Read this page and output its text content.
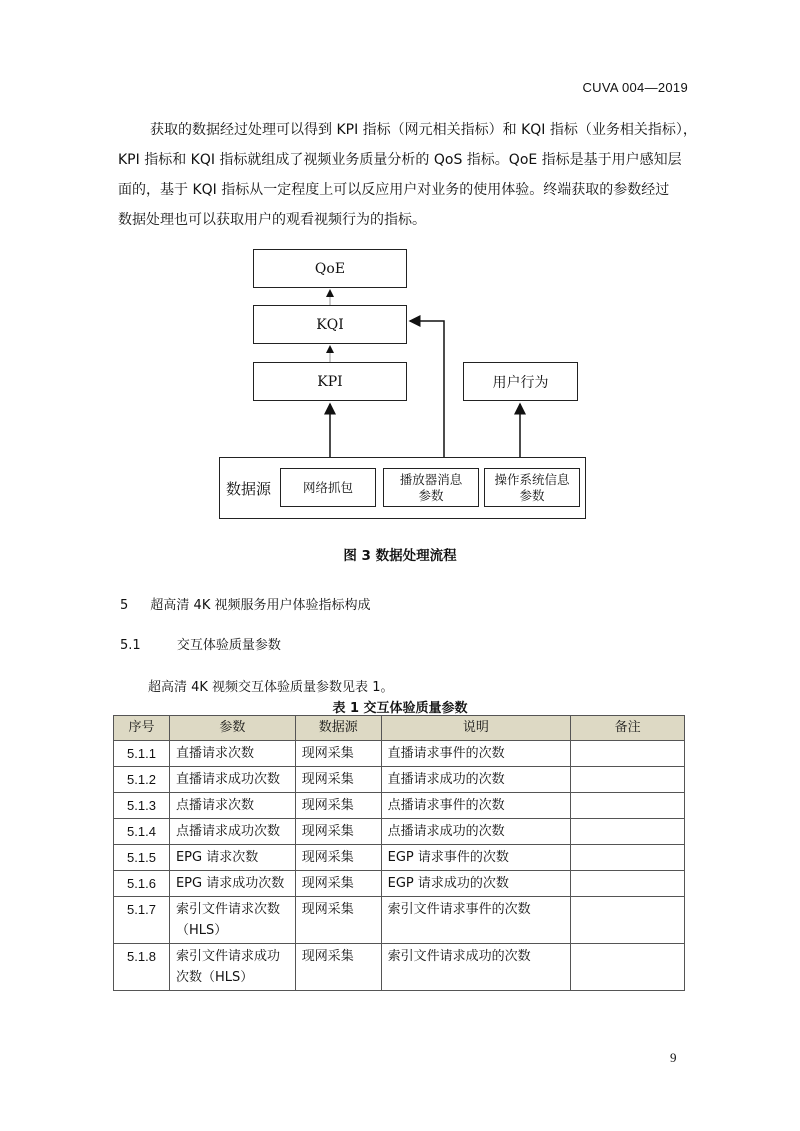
CUVA 004—2019

获取的数据经过处理可以得到 KPI 指标（网元相关指标）和 KQI 指标（业务相关指标），

KPI 指标和 KQI 指标就组成了视频业务质量分析的 QoS 指标。QoE 指标是基于用户感知层

面的，基于 KQI 指标从一定程度上可以反应用户对业务的使用体验。终端获取的参数经过

数据处理也可以获取用户的观看视频行为的指标。

QoE
KQI
KPI	用户行为
数据源	网络抓包
播放器消息
参数
操作系统信息
参数
图 3 数据处理流程
5 超高清 4K 视频服务用户体验指标构成
5.1	交互体验质量参数
超高清 4K 视频交互体验质量参数见表 1。
表 1 交互体验质量参数
序号	参数	数据源	说明	备注
5.1.1	直播请求次数	现网采集	直播请求事件的次数	
5.1.2	直播请求成功次数	现网采集	直播请求成功的次数	
5.1.3	点播请求次数	现网采集	点播请求事件的次数	
5.1.4	点播请求成功次数	现网采集	点播请求成功的次数	
5.1.5	EPG 请求次数	现网采集	EGP 请求事件的次数	
5.1.6	EPG 请求成功次数	现网采集	EGP 请求成功的次数	
5.1.7	索引文件请求次数（HLS）	现网采集	索引文件请求事件的次数	
5.1.8	索引文件请求成功次数（HLS）	现网采集	索引文件请求成功的次数	
9
